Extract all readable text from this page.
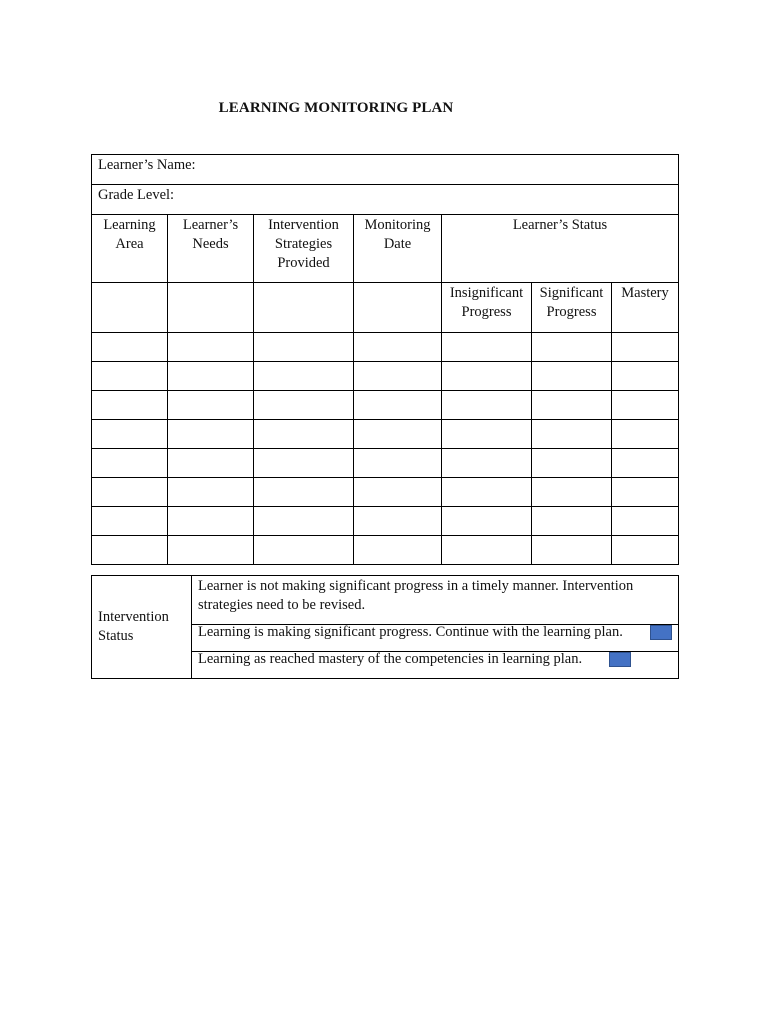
LEARNING MONITORING PLAN
Learner’s Name:						
Grade Level:						
Learning Area	Learner’s Needs	Intervention Strategies Provided	Monitoring Date	Learner’s Status		
				Insignificant Progress	Significant Progress	Mastery

Intervention Status	Learner is not making significant progress in a timely manner. Intervention strategies need to be revised.

Learning is making significant progress. Continue with the learning plan.

Learning as reached mastery of the competencies in learning plan.
